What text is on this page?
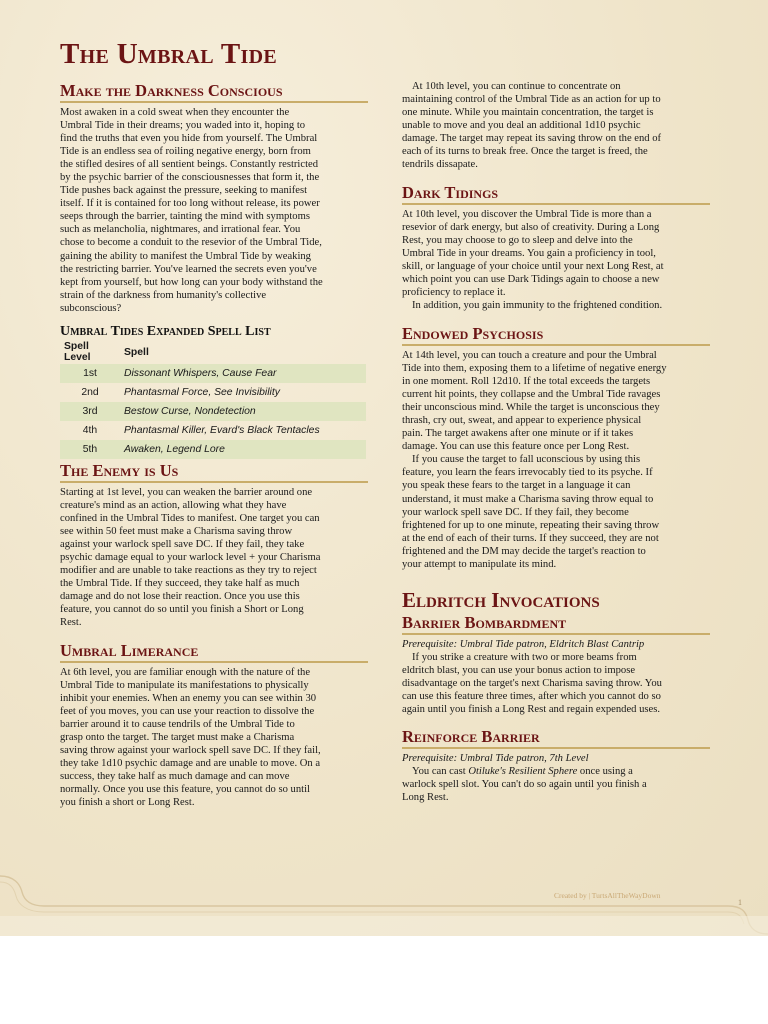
The Umbral Tide
Make the Darkness Conscious

Most awaken in a cold sweat when they encounter the

Umbral Tide in their dreams; you waded into it, hoping to

find the truths that even you hide from yourself. The Umbral

Tide is an endless sea of roiling negative energy, born from

the stifled desires of all sentient beings. Constantly restricted

by the psychic barrier of the consciousnesses that form it, the

Tide pushes back against the pressure, seeking to manifest

itself. If it is contained for too long without release, its power

seeps through the barrier, tainting the mind with symptoms

such as melancholia, nightmares, and irrational fear. You

chose to become a conduit to the resevior of the Umbral Tide,

gaining the ability to manifest the Umbral Tide by weaking

the restricting barrier. You've learned the secrets even you've

kept from yourself, but how long can your body withstand the

strain of the darkness from humanity's collective

subconscious?

Umbral Tides Expanded Spell List
Spell Level	Spell
1st	Dissonant Whispers, Cause Fear
2nd	Phantasmal Force, See Invisibility
3rd	Bestow Curse, Nondetection
4th	Phantasmal Killer, Evard's Black Tentacles
5th	Awaken, Legend Lore
The Enemy is Us

Starting at 1st level, you can weaken the barrier around one

creature's mind as an action, allowing what they have

confined in the Umbral Tides to manifest. One target you can

see within 50 feet must make a Charisma saving throw

against your warlock spell save DC. If they fail, they take

psychic damage equal to your warlock level + your Charisma

modifier and are unable to take reactions as they try to reject

the Umbral Tide. If they succeed, they take half as much

damage and do not lose their reaction. Once you use this

feature, you cannot do so until you finish a Short or Long

Rest.

Umbral Limerance

At 6th level, you are familiar enough with the nature of the

Umbral Tide to manipulate its manifestations to physically

inhibit your enemies. When an enemy you can see within 30

feet of you moves, you can use your reaction to dissolve the

barrier around it to cause tendrils of the Umbral Tide to

grasp onto the target. The target must make a Charisma

saving throw against your warlock spell save DC. If they fail,

they take 1d10 psychic damage and are unable to move. On a

success, they take half as much damage and can move

normally. Once you use this feature, you cannot do so until

you finish a short or Long Rest.

At 10th level, you can continue to concentrate on

maintaining control of the Umbral Tide as an action for up to

one minute. While you maintain concentration, the target is

unable to move and you deal an additional 1d10 psychic

damage. The target may repeat its saving throw on the end of

each of its turns to break free. Once the target is freed, the

tendrils dissapate.

Dark Tidings

At 10th level, you discover the Umbral Tide is more than a

resevior of dark energy, but also of creativity. During a Long

Rest, you may choose to go to sleep and delve into the

Umbral Tide in your dreams. You gain a proficiency in tool,

skill, or language of your choice until your next Long Rest, at

which point you can use Dark Tidings again to choose a new

proficiency to replace it.

In addition, you gain immunity to the frightened condition.

Endowed Psychosis

At 14th level, you can touch a creature and pour the Umbral

Tide into them, exposing them to a lifetime of negative energy

in one moment. Roll 12d10. If the total exceeds the targets

current hit points, they collapse and the Umbral Tide ravages

their unconscious mind. While the target is unconscious they

thrash, cry out, sweat, and appear to experience physical

pain. The target awakens after one minute or if it takes

damage. You can use this feature once per Long Rest.

If you cause the target to fall uconscious by using this

feature, you learn the fears irrevocably tied to its psyche. If

you speak these fears to the target in a language it can

understand, it must make a Charisma saving throw equal to

your warlock spell save DC. If they fail, they become

frightened for up to one minute, repeating their saving throw

at the end of each of their turns. If they succeed, they are not

frightened and the DM may decide the target's reaction to

your attempt to manipulate its mind.

Eldritch Invocations
Barrier Bombardment

Prerequisite: Umbral Tide patron, Eldritch Blast Cantrip

If you strike a creature with two or more beams from

eldritch blast, you can use your bonus action to impose

disadvantage on the target's next Charisma saving throw. You

can use this feature three times, after which you cannot do so

again until you finish a Long Rest and regain expended uses.

Reinforce Barrier

Prerequisite: Umbral Tide patron, 7th Level

You can cast Otiluke's Resilient Sphere once using a

warlock spell slot. You can't do so again until you finish a

Long Rest.

Created by | TurtsAllTheWayDown
1
